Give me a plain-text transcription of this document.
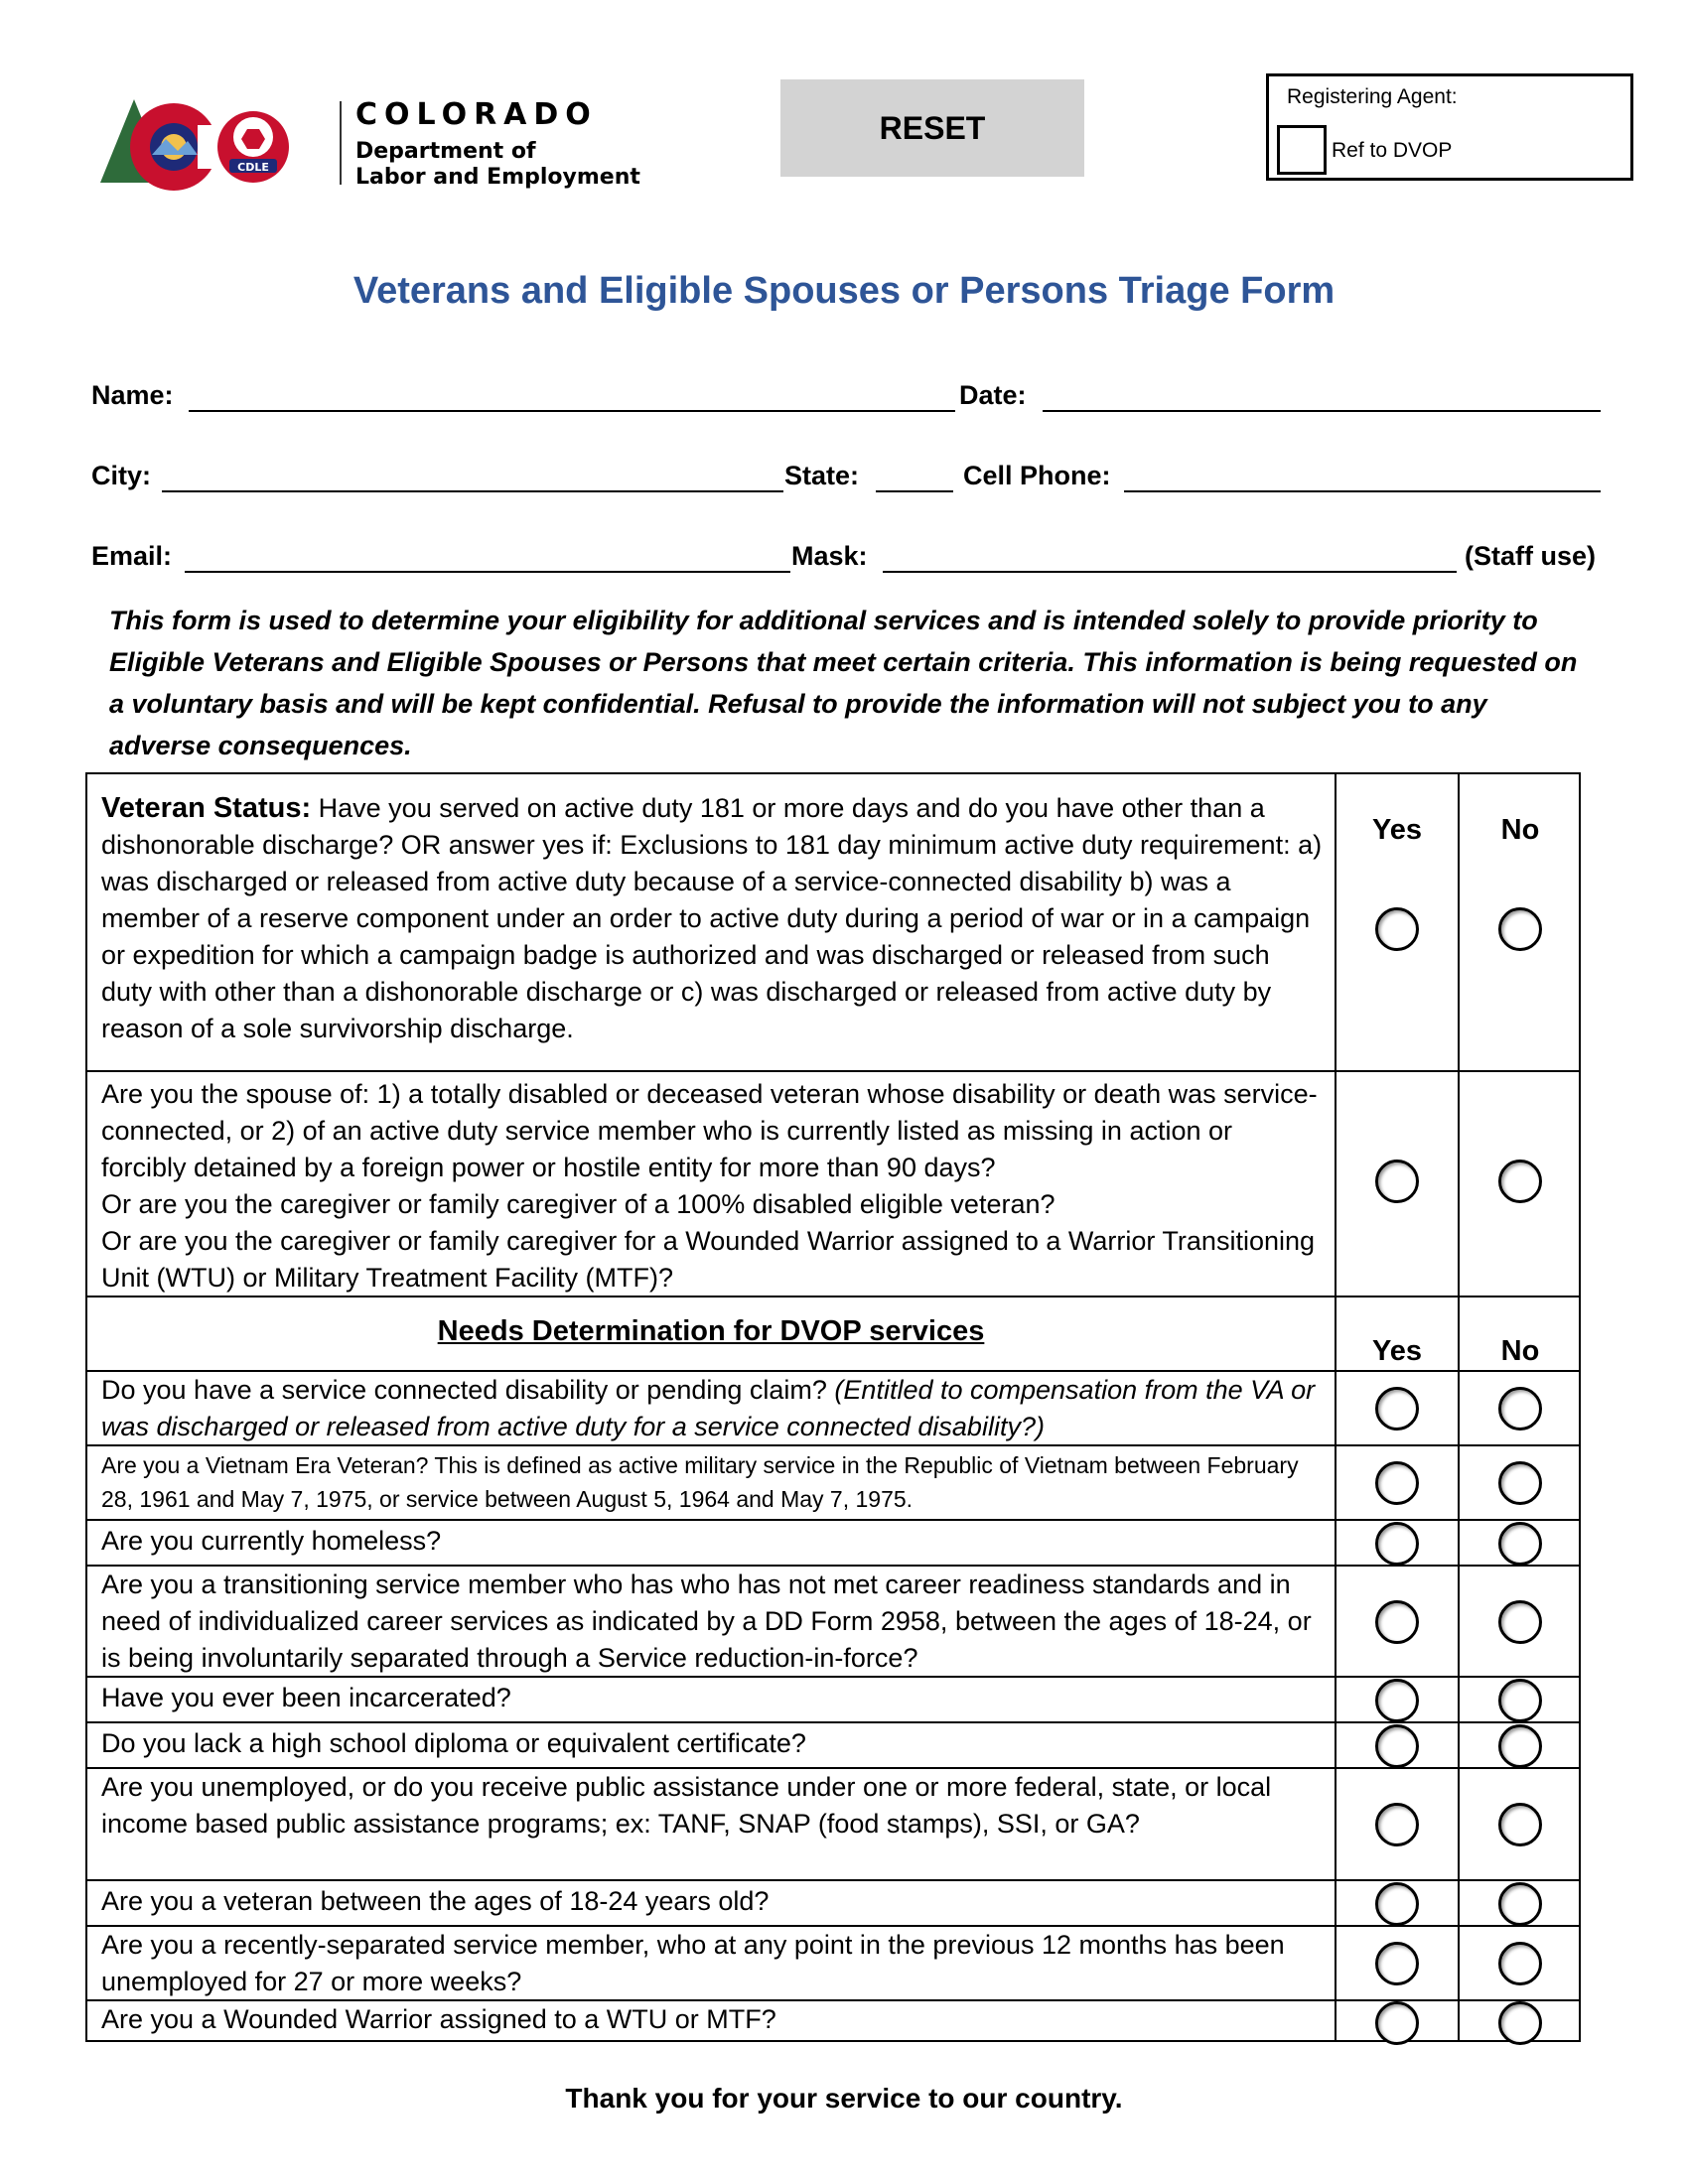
CDLE
COLORADO
Department of
Labor and Employment
RESET
Registering Agent:
Ref to DVOP
Veterans and Eligible Spouses or Persons Triage Form
Name:	Date:
City:	State:	Cell Phone:
Email:	Mask:	(Staff use)
This form is used to determine your eligibility for additional services and is intended solely to provide priority to Eligible Veterans and Eligible Spouses or Persons that meet certain criteria. This information is being requested on a voluntary basis and will be kept confidential. Refusal to provide the information will not subject you to any adverse consequences.
Veteran Status: Have you served on active duty 181 or more days and do you have other than a dishonorable discharge? OR answer yes if: Exclusions to 181 day minimum active duty requirement: a) was discharged or released from active duty because of a service-connected disability b) was a member of a reserve component under an order to active duty during a period of war or in a campaign or expedition for which a campaign badge is authorized and was discharged or released from such duty with other than a dishonorable discharge or c) was discharged or released from active duty by reason of a sole survivorship discharge.
Yes	No
Are you the spouse of: 1) a totally disabled or deceased veteran whose disability or death was service-connected, or 2) of an active duty service member who is currently listed as missing in action or forcibly detained by a foreign power or hostile entity for more than 90 days?
Or are you the caregiver or family caregiver of a 100% disabled eligible veteran?
Or are you the caregiver or family caregiver for a Wounded Warrior assigned to a Warrior Transitioning Unit (WTU) or Military Treatment Facility (MTF)?
Needs Determination for DVOP services
Yes	No
Do you have a service connected disability or pending claim? (Entitled to compensation from the VA or was discharged or released from active duty for a service connected disability?)
Are you a Vietnam Era Veteran? This is defined as active military service in the Republic of Vietnam between February 28, 1961 and May 7, 1975, or service between August 5, 1964 and May 7, 1975.
Are you currently homeless?
Are you a transitioning service member who has who has not met career readiness standards and in need of individualized career services as indicated by a DD Form 2958, between the ages of 18-24, or is being involuntarily separated through a Service reduction-in-force?
Have you ever been incarcerated?
Do you lack a high school diploma or equivalent certificate?
Are you unemployed, or do you receive public assistance under one or more federal, state, or local income based public assistance programs; ex: TANF, SNAP (food stamps), SSI, or GA?
Are you a veteran between the ages of 18-24 years old?
Are you a recently-separated service member, who at any point in the previous 12 months has been unemployed for 27 or more weeks?
Are you a Wounded Warrior assigned to a WTU or MTF?
Thank you for your service to our country.
